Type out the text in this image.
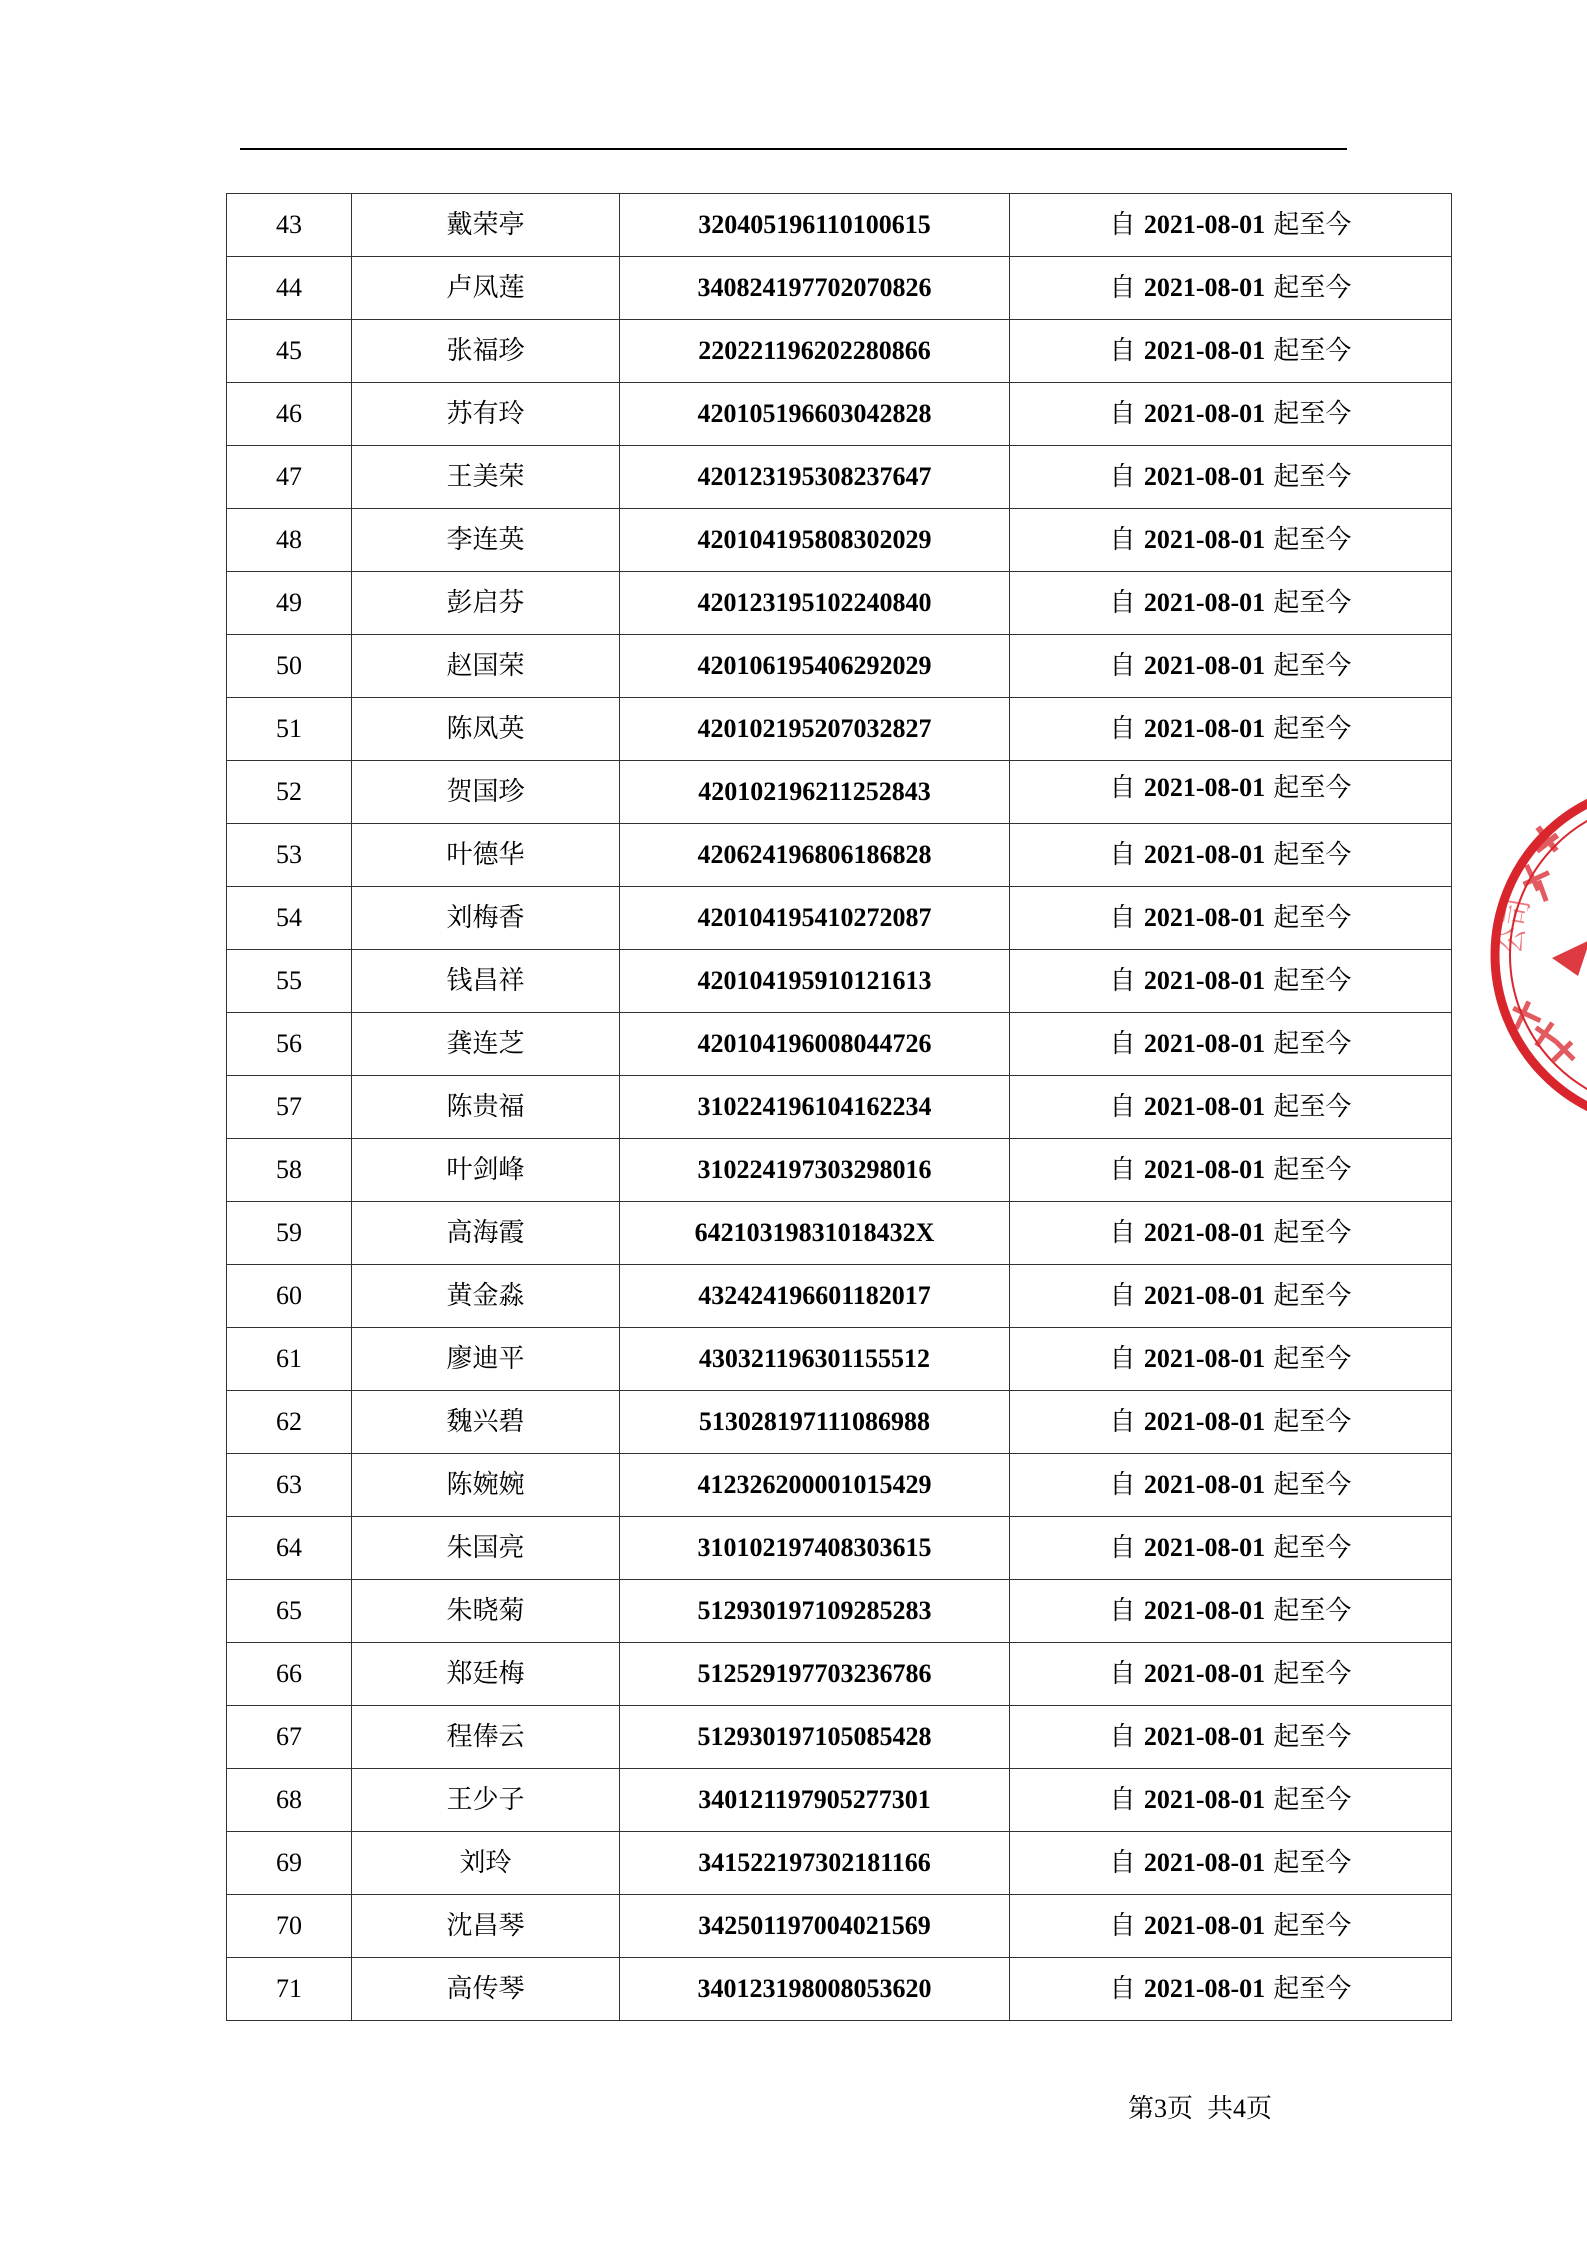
43	戴荣亭	320405196110100615	自 2021-08-01 起至今
44	卢凤莲	340824197702070826	自 2021-08-01 起至今
45	张福珍	220221196202280866	自 2021-08-01 起至今
46	苏有玲	420105196603042828	自 2021-08-01 起至今
47	王美荣	420123195308237647	自 2021-08-01 起至今
48	李连英	420104195808302029	自 2021-08-01 起至今
49	彭启芬	420123195102240840	自 2021-08-01 起至今
50	赵国荣	420106195406292029	自 2021-08-01 起至今
51	陈凤英	420102195207032827	自 2021-08-01 起至今
52	贺国珍	420102196211252843	自 2021-08-01 起至今
53	叶德华	420624196806186828	自 2021-08-01 起至今
54	刘梅香	420104195410272087	自 2021-08-01 起至今
55	钱昌祥	420104195910121613	自 2021-08-01 起至今
56	龚连芝	420104196008044726	自 2021-08-01 起至今
57	陈贵福	310224196104162234	自 2021-08-01 起至今
58	叶剑峰	310224197303298016	自 2021-08-01 起至今
59	高海霞	64210319831018432X	自 2021-08-01 起至今
60	黄金淼	432424196601182017	自 2021-08-01 起至今
61	廖迪平	430321196301155512	自 2021-08-01 起至今
62	魏兴碧	513028197111086988	自 2021-08-01 起至今
63	陈婉婉	412326200001015429	自 2021-08-01 起至今
64	朱国亮	310102197408303615	自 2021-08-01 起至今
65	朱晓菊	512930197109285283	自 2021-08-01 起至今
66	郑廷梅	512529197703236786	自 2021-08-01 起至今
67	程俸云	512930197105085428	自 2021-08-01 起至今
68	王少子	340121197905277301	自 2021-08-01 起至今
69	刘玲	341522197302181166	自 2021-08-01 起至今
70	沈昌琴	342501197004021569	自 2021-08-01 起至今
71	高传琴	340123198008053620	自 2021-08-01 起至今
公司
第3页 共4页
